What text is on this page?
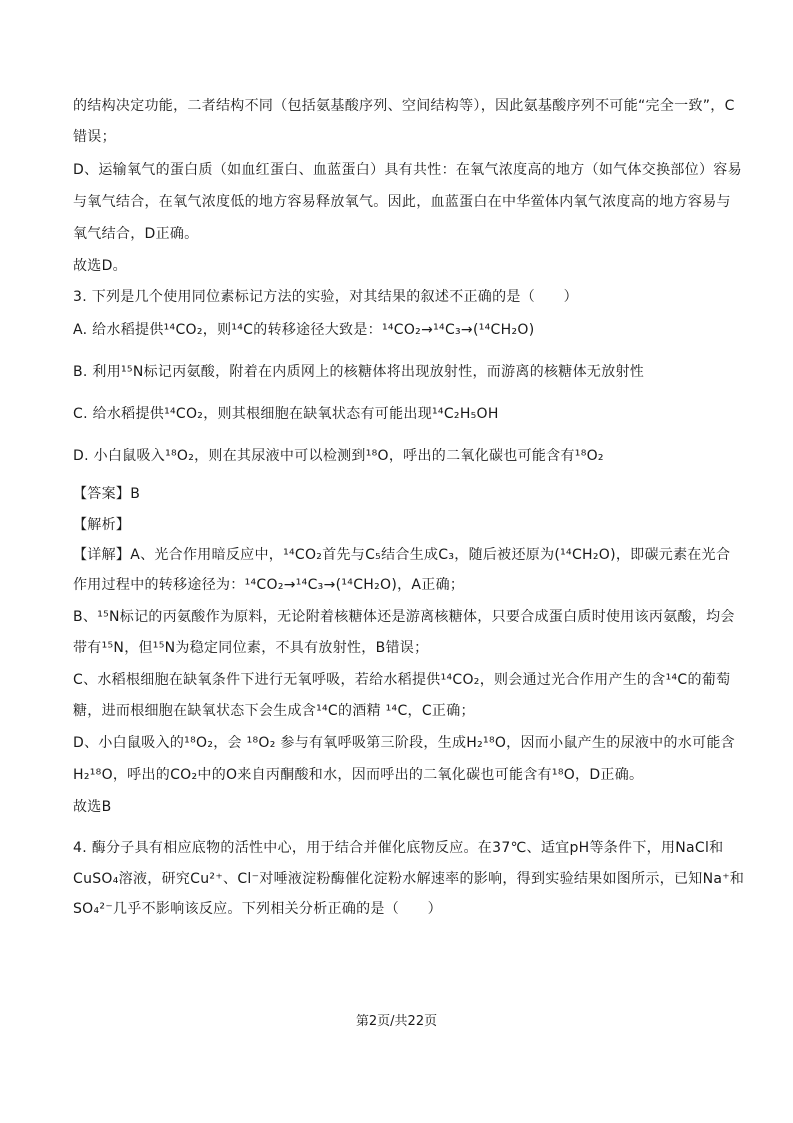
的结构决定功能，二者结构不同（包括氨基酸序列、空间结构等），因此氨基酸序列不可能“完全一致”，C
错误；
D、运输氧气的蛋白质（如血红蛋白、血蓝蛋白）具有共性：在氧气浓度高的地方（如气体交换部位）容易
与氧气结合，在氧气浓度低的地方容易释放氧气。因此，血蓝蛋白在中华鲎体内氧气浓度高的地方容易与
氧气结合，D正确。
故选D。
3. 下列是几个使用同位素标记方法的实验，对其结果的叙述不正确的是（　　）
A. 给水稻提供¹⁴CO₂，则¹⁴C的转移途径大致是：¹⁴CO₂→¹⁴C₃→(¹⁴CH₂O)
B. 利用¹⁵N标记丙氨酸，附着在内质网上的核糖体将出现放射性，而游离的核糖体无放射性
C. 给水稻提供¹⁴CO₂，则其根细胞在缺氧状态有可能出现¹⁴C₂H₅OH
D. 小白鼠吸入¹⁸O₂，则在其尿液中可以检测到¹⁸O，呼出的二氧化碳也可能含有¹⁸O₂
【答案】B
【解析】
【详解】A、光合作用暗反应中，¹⁴CO₂首先与C₅结合生成C₃，随后被还原为(¹⁴CH₂O)，即碳元素在光合
作用过程中的转移途径为：¹⁴CO₂→¹⁴C₃→(¹⁴CH₂O)，A正确；
B、¹⁵N标记的丙氨酸作为原料，无论附着核糖体还是游离核糖体，只要合成蛋白质时使用该丙氨酸，均会
带有¹⁵N，但¹⁵N为稳定同位素，不具有放射性，B错误；
C、水稻根细胞在缺氧条件下进行无氧呼吸，若给水稻提供¹⁴CO₂，则会通过光合作用产生的含¹⁴C的葡萄
糖，进而根细胞在缺氧状态下会生成含¹⁴C的酒精 ¹⁴C，C正确；
D、小白鼠吸入的¹⁸O₂，会 ¹⁸O₂ 参与有氧呼吸第三阶段，生成H₂¹⁸O，因而小鼠产生的尿液中的水可能含
H₂¹⁸O，呼出的CO₂中的O来自丙酮酸和水，因而呼出的二氧化碳也可能含有¹⁸O，D正确。
故选B
4. 酶分子具有相应底物的活性中心，用于结合并催化底物反应。在37℃、适宜pH等条件下，用NaCl和
CuSO₄溶液，研究Cu²⁺、Cl⁻对唾液淀粉酶催化淀粉水解速率的影响，得到实验结果如图所示，已知Na⁺和
SO₄²⁻几乎不影响该反应。下列相关分析正确的是（　　）
第2页/共22页
